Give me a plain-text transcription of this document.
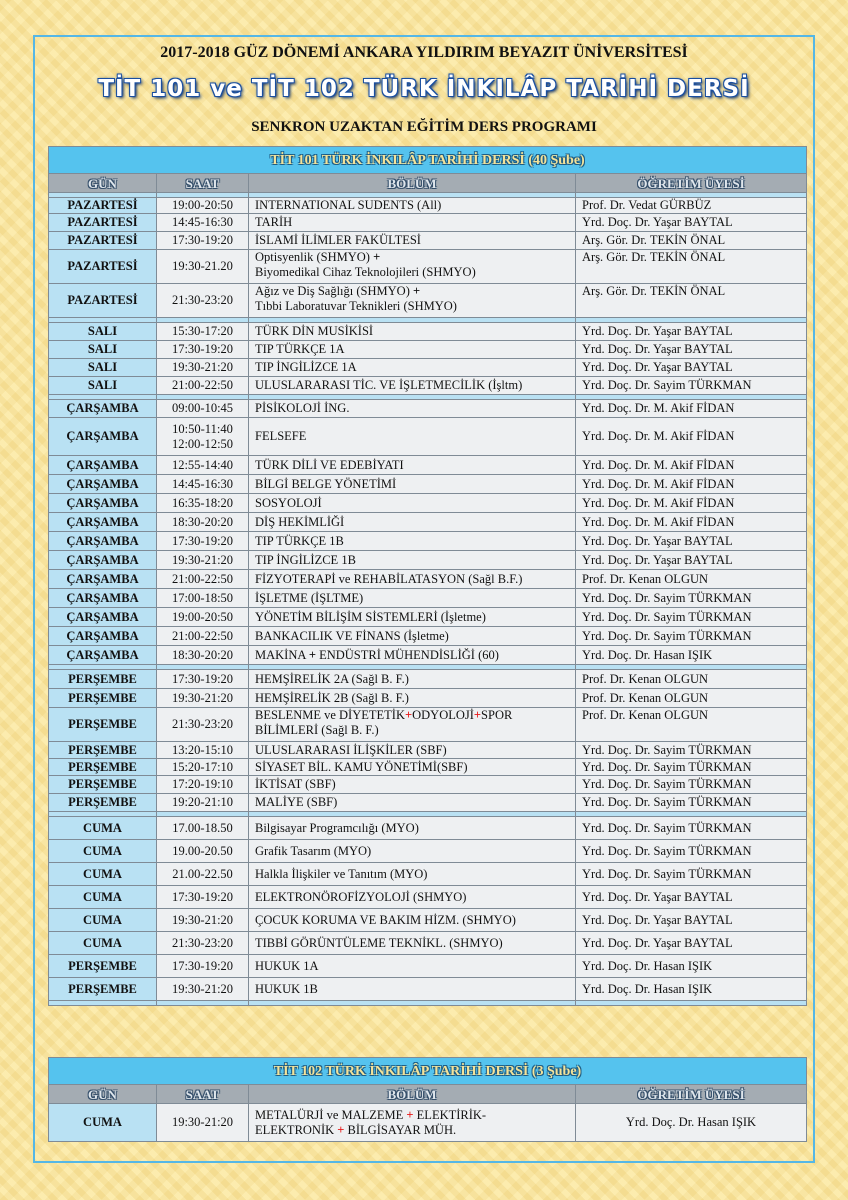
2017-2018 GÜZ DÖNEMİ ANKARA YILDIRIM BEYAZIT ÜNİVERSİTESİ
TİT 101 ve TİT 102 TÜRK İNKILÂP TARİHİ DERSİ
SENKRON UZAKTAN EĞİTİM DERS PROGRAMI
TİT 101 TÜRK İNKILÂP TARİHİ DERSİ (40 Şube)			
GÜN	SAAT	BÖLÜM	ÖĞRETİM ÜYESİ

PAZARTESİ	19:00-20:50	INTERNATIONAL SUDENTS (All)	Prof. Dr. Vedat GÜRBÜZ
PAZARTESİ	14:45-16:30	TARİH	Yrd. Doç. Dr. Yaşar BAYTAL
PAZARTESİ	17:30-19:20	İSLAMİ İLİMLER FAKÜLTESİ	Arş. Gör. Dr. TEKİN ÖNAL
PAZARTESİ	19:30-21.20	Optisyenlik (SHMYO) +
Biyomedikal Cihaz Teknolojileri (SHMYO)	Arş. Gör. Dr. TEKİN ÖNAL
PAZARTESİ	21:30-23:20	Ağız ve Diş Sağlığı (SHMYO) +
Tıbbi Laboratuvar Teknikleri (SHMYO)	Arş. Gör. Dr. TEKİN ÖNAL

SALI	15:30-17:20	TÜRK DİN MUSİKİSİ	Yrd. Doç. Dr. Yaşar BAYTAL
SALI	17:30-19:20	TIP TÜRKÇE 1A	Yrd. Doç. Dr. Yaşar BAYTAL
SALI	19:30-21:20	TIP İNGİLİZCE 1A	Yrd. Doç. Dr. Yaşar BAYTAL
SALI	21:00-22:50	ULUSLARARASI TİC. VE İŞLETMECİLİK (İşltm)	Yrd. Doç. Dr. Sayim TÜRKMAN

ÇARŞAMBA	09:00-10:45	PİSİKOLOJİ İNG.	Yrd. Doç. Dr. M. Akif FİDAN
ÇARŞAMBA	10:50-11:40
12:00-12:50	FELSEFE	Yrd. Doç. Dr. M. Akif FİDAN
ÇARŞAMBA	12:55-14:40	TÜRK DİLİ VE EDEBİYATI	Yrd. Doç. Dr. M. Akif FİDAN
ÇARŞAMBA	14:45-16:30	BİLGİ BELGE YÖNETİMİ	Yrd. Doç. Dr. M. Akif FİDAN
ÇARŞAMBA	16:35-18:20	SOSYOLOJİ	Yrd. Doç. Dr. M. Akif FİDAN
ÇARŞAMBA	18:30-20:20	DİŞ HEKİMLİĞİ	Yrd. Doç. Dr. M. Akif FİDAN
ÇARŞAMBA	17:30-19:20	TIP TÜRKÇE 1B	Yrd. Doç. Dr. Yaşar BAYTAL
ÇARŞAMBA	19:30-21:20	TIP İNGİLİZCE 1B	Yrd. Doç. Dr. Yaşar BAYTAL
ÇARŞAMBA	21:00-22:50	FİZYOTERAPİ ve REHABİLATASYON (Sağl B.F.)	Prof. Dr. Kenan OLGUN
ÇARŞAMBA	17:00-18:50	İŞLETME (İŞLTME)	Yrd. Doç. Dr. Sayim TÜRKMAN
ÇARŞAMBA	19:00-20:50	YÖNETİM BİLİŞİM SİSTEMLERİ (İşletme)	Yrd. Doç. Dr. Sayim TÜRKMAN
ÇARŞAMBA	21:00-22:50	BANKACILIK VE FİNANS (İşletme)	Yrd. Doç. Dr. Sayim TÜRKMAN
ÇARŞAMBA	18:30-20:20	MAKİNA + ENDÜSTRİ MÜHENDİSLİĞİ (60)	Yrd. Doç. Dr. Hasan IŞIK

PERŞEMBE	17:30-19:20	HEMŞİRELİK 2A (Sağl B. F.)	Prof. Dr. Kenan OLGUN
PERŞEMBE	19:30-21:20	HEMŞİRELİK 2B (Sağl B. F.)	Prof. Dr. Kenan OLGUN
PERŞEMBE	21:30-23:20	BESLENME ve DİYETETİK+ODYOLOJİ+SPOR
BİLİMLERİ (Sağl B. F.)	Prof. Dr. Kenan OLGUN
PERŞEMBE	13:20-15:10	ULUSLARARASI İLİŞKİLER (SBF)	Yrd. Doç. Dr. Sayim TÜRKMAN
PERŞEMBE	15:20-17:10	SİYASET BİL. KAMU YÖNETİMİ(SBF)	Yrd. Doç. Dr. Sayim TÜRKMAN
PERŞEMBE	17:20-19:10	İKTİSAT (SBF)	Yrd. Doç. Dr. Sayim TÜRKMAN
PERŞEMBE	19:20-21:10	MALİYE (SBF)	Yrd. Doç. Dr. Sayim TÜRKMAN

CUMA	17.00-18.50	Bilgisayar Programcılığı (MYO)	Yrd. Doç. Dr. Sayim TÜRKMAN
CUMA	19.00-20.50	Grafik Tasarım (MYO)	Yrd. Doç. Dr. Sayim TÜRKMAN
CUMA	21.00-22.50	Halkla İlişkiler ve Tanıtım (MYO)	Yrd. Doç. Dr. Sayim TÜRKMAN
CUMA	17:30-19:20	ELEKTRONÖROFİZYOLOJİ (SHMYO)	Yrd. Doç. Dr. Yaşar BAYTAL
CUMA	19:30-21:20	ÇOCUK KORUMA VE BAKIM HİZM. (SHMYO)	Yrd. Doç. Dr. Yaşar BAYTAL
CUMA	21:30-23:20	TIBBİ GÖRÜNTÜLEME TEKNİKL. (SHMYO)	Yrd. Doç. Dr. Yaşar BAYTAL
PERŞEMBE	17:30-19:20	HUKUK 1A	Yrd. Doç. Dr. Hasan IŞIK
PERŞEMBE	19:30-21:20	HUKUK 1B	Yrd. Doç. Dr. Hasan IŞIK

TİT 102 TÜRK İNKILÂP TARİHİ DERSİ (3 Şube)			
GÜN	SAAT	BÖLÜM	ÖĞRETİM ÜYESİ
CUMA	19:30-21:20	METALÜRJİ ve MALZEME + ELEKTİRİK-
ELEKTRONİK + BİLGİSAYAR MÜH.	Yrd. Doç. Dr. Hasan IŞIK
